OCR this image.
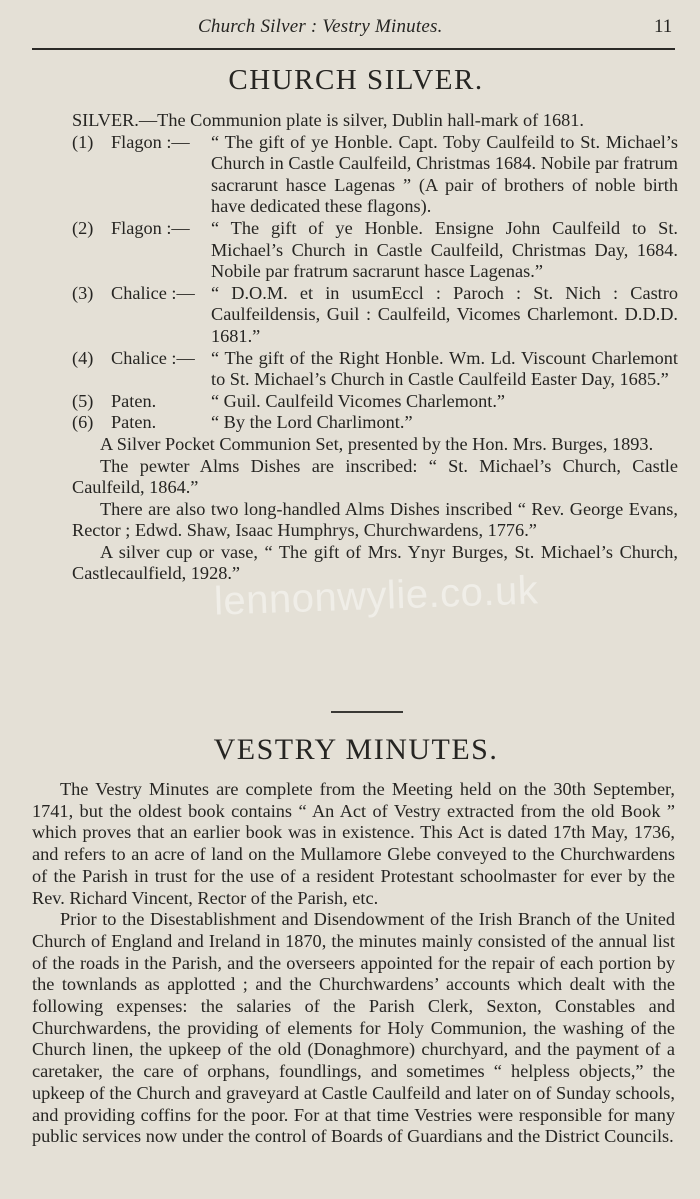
Church Silver : Vestry Minutes.	11
CHURCH SILVER.

SILVER.—The Communion plate is silver, Dublin hall-mark of 1681.

(1) Flagon :—	“ The gift of ye Honble. Capt. Toby Caulfeild to St. Michael’s Church in Castle Caulfeild, Christmas 1684. Nobile par fratrum sacrarunt hasce Lagenas ” (A pair of brothers of noble birth have dedicated these flagons).
(2) Flagon :—	“ The gift of ye Honble. Ensigne John Caulfeild to St. Michael’s Church in Castle Caulfeild, Christmas Day, 1684. Nobile par fratrum sacrarunt hasce Lagenas.”
(3) Chalice :— “ D.O.M. et in usumEccl : Paroch : St. Nich : Castro Caulfeildensis, Guil : Caulfeild, Vicomes Charlemont. D.D.D. 1681.”
(4) Chalice :— “ The gift of the Right Honble. Wm. Ld. Viscount Charlemont to St. Michael’s Church in Castle Caulfeild Easter Day, 1685.”
(5) Paten.	“ Guil. Caulfeild Vicomes Charlemont.”
(6) Paten.	“ By the Lord Charlimont.”

A Silver Pocket Communion Set, presented by the Hon. Mrs. Burges, 1893.

The pewter Alms Dishes are inscribed: “ St. Michael’s Church, Castle Caulfeild, 1864.”

There are also two long-handled Alms Dishes inscribed “ Rev. George Evans, Rector ; Edwd. Shaw, Isaac Humphrys, Churchwardens, 1776.”

A silver cup or vase, “ The gift of Mrs. Ynyr Burges, St. Michael’s Church, Castlecaulfield, 1928.”

lennonwylie.co.uk
VESTRY MINUTES.

The Vestry Minutes are complete from the Meeting held on the 30th September, 1741, but the oldest book contains “ An Act of Vestry extracted from the old Book ” which proves that an earlier book was in existence. This Act is dated 17th May, 1736, and refers to an acre of land on the Mullamore Glebe conveyed to the Churchwardens of the Parish in trust for the use of a resident Protestant schoolmaster for ever by the Rev. Richard Vincent, Rector of the Parish, etc.

Prior to the Disestablishment and Disendowment of the Irish Branch of the United Church of England and Ireland in 1870, the minutes mainly consisted of the annual list of the roads in the Parish, and the overseers appointed for the repair of each portion by the townlands as applotted ; and the Churchwardens’ accounts which dealt with the following expenses: the salaries of the Parish Clerk, Sexton, Constables and Churchwardens, the providing of elements for Holy Communion, the washing of the Church linen, the upkeep of the old (Donaghmore) churchyard, and the payment of a caretaker, the care of orphans, foundlings, and sometimes “ helpless objects,” the upkeep of the Church and graveyard at Castle Caulfeild and later on of Sunday schools, and providing coffins for the poor. For at that time Vestries were responsible for many public services now under the control of Boards of Guardians and the District Councils.
